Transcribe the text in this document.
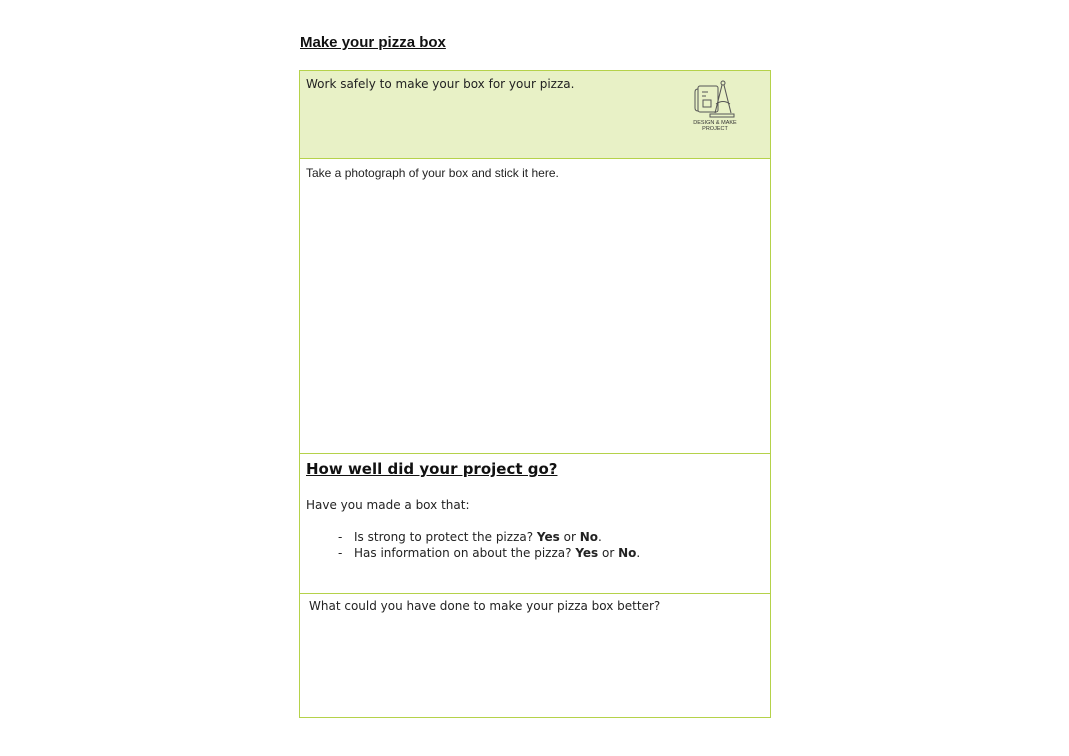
Make your pizza box
Work safely to make your box for your pizza.
DESIGN & MAKE PROJECT
Take a photograph of your box and stick it here.
How well did your project go?
Have you made a box that:
- Is strong to protect the pizza? Yes or No.
- Has information on about the pizza? Yes or No.
What could you have done to make your pizza box better?
